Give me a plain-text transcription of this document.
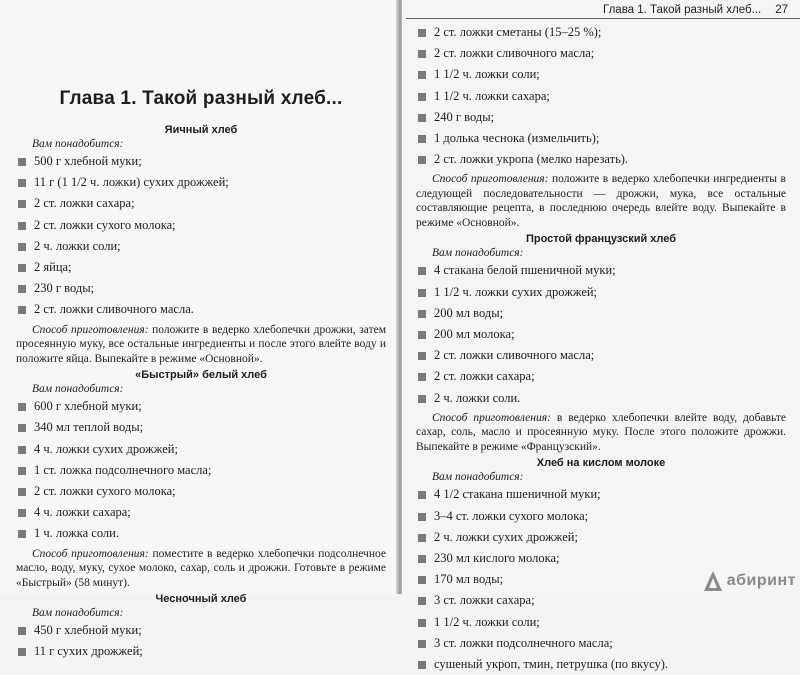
Глава 1. Такой разный хлеб...
Яичный хлеб
Вам понадобится:
500 г хлебной муки;
11 г (1 1/2 ч. ложки) сухих дрожжей;
2 ст. ложки сахара;
2 ст. ложки сухого молока;
2 ч. ложки соли;
2 яйца;
230 г воды;
2 ст. ложки сливочного масла.

Способ приготовления: положите в ведерко хлебопечки дрожжи, затем просеянную муку, все остальные ингредиенты и после этого влейте воду и положите яйца. Выпекайте в режиме «Основной».

«Быстрый» белый хлеб
Вам понадобится:
600 г хлебной муки;
340 мл теплой воды;
4 ч. ложки сухих дрожжей;
1 ст. ложка подсолнечного масла;
2 ст. ложки сухого молока;
4 ч. ложки сахара;
1 ч. ложка соли.

Способ приготовления: поместите в ведерко хлебопечки подсолнечное масло, воду, муку, сухое молоко, сахар, соль и дрожжи. Готовьте в режиме «Быстрый» (58 минут).

Чесночный хлеб
Вам понадобится:
450 г хлебной муки;
11 г сухих дрожжей;
Глава 1. Такой разный хлеб... 27
2 ст. ложки сметаны (15–25 %);
2 ст. ложки сливочного масла;
1 1/2 ч. ложки соли;
1 1/2 ч. ложки сахара;
240 г воды;
1 долька чеснока (измельчить);
2 ст. ложки укропа (мелко нарезать).

Способ приготовления: положите в ведерко хлебопечки ингредиенты в следующей последовательности — дрожжи, мука, все остальные составляющие рецепта, в последнюю очередь влейте воду. Выпекайте в режиме «Основной».

Простой французский хлеб
Вам понадобится:
4 стакана белой пшеничной муки;
1 1/2 ч. ложки сухих дрожжей;
200 мл воды;
200 мл молока;
2 ст. ложки сливочного масла;
2 ст. ложки сахара;
2 ч. ложки соли.

Способ приготовления: в ведерко хлебопечки влейте воду, добавьте сахар, соль, масло и просеянную муку. После этого положите дрожжи. Выпекайте в режиме «Французский».

Хлеб на кислом молоке
Вам понадобится:
4 1/2 стакана пшеничной муки;
3–4 ст. ложки сухого молока;
2 ч. ложки сухих дрожжей;
230 мл кислого молока;
170 мл воды;
3 ст. ложки сахара;
1 1/2 ч. ложки соли;
3 ст. ложки подсолнечного масла;
сушеный укроп, тмин, петрушка (по вкусу).
абиринт
